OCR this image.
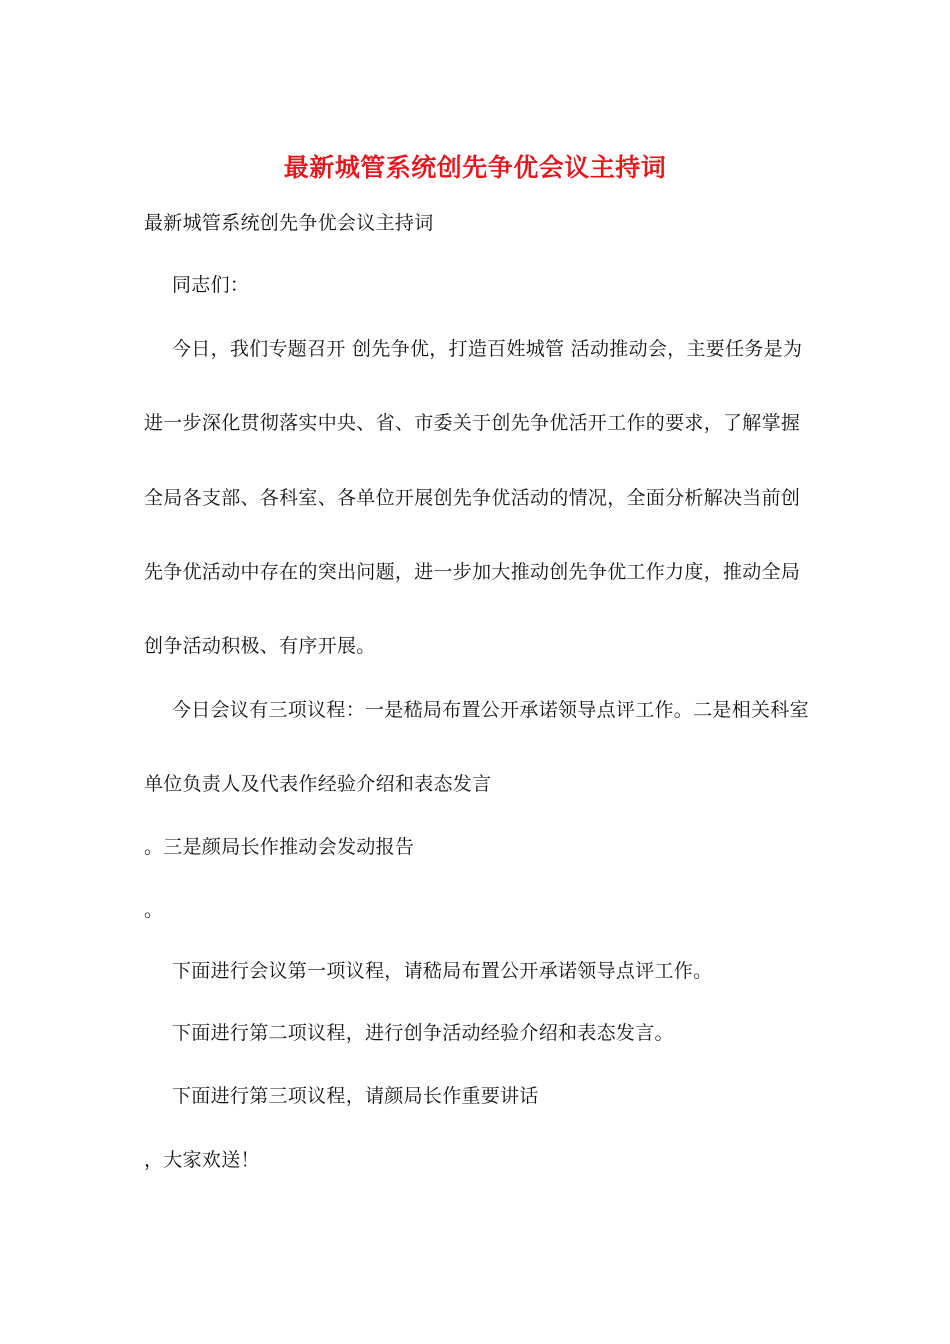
最新城管系统创先争优会议主持词
最新城管系统创先争优会议主持词
同志们：
今日，我们专题召开 创先争优，打造百姓城管 活动推动会，主要任务是为
进一步深化贯彻落实中央、省、市委关于创先争优活开工作的要求，了解掌握
全局各支部、各科室、各单位开展创先争优活动的情况，全面分析解决当前创
先争优活动中存在的突出问题，进一步加大推动创先争优工作力度，推动全局
创争活动积极、有序开展。
今日会议有三项议程：一是嵇局布置公开承诺领导点评工作。二是相关科室
单位负责人及代表作经验介绍和表态发言
。三是颜局长作推动会发动报告
。
下面进行会议第一项议程，请嵇局布置公开承诺领导点评工作。
下面进行第二项议程，进行创争活动经验介绍和表态发言。
下面进行第三项议程，请颜局长作重要讲话
，大家欢送！
